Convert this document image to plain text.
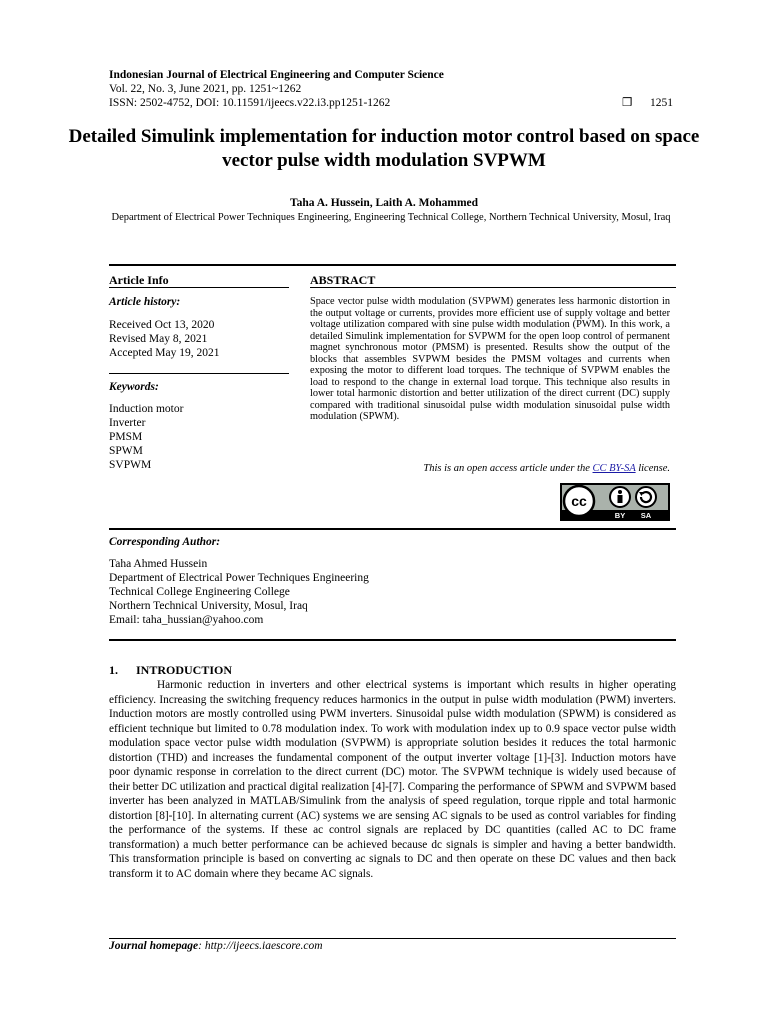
Indonesian Journal of Electrical Engineering and Computer Science
Vol. 22, No. 3, June 2021, pp. 1251~1262
ISSN: 2502-4752, DOI: 10.11591/ijeecs.v22.i3.pp1251-1262	❒ 1251
Detailed Simulink implementation for induction motor control based on space vector pulse width modulation SVPWM
Taha A. Hussein, Laith A. Mohammed
Department of Electrical Power Techniques Engineering, Engineering Technical College, Northern Technical University, Mosul, Iraq
Article Info
Article history:
Received Oct 13, 2020
Revised May 8, 2021
Accepted May 19, 2021
Keywords:
Induction motor
Inverter
PMSM
SPWM
SVPWM
ABSTRACT
Space vector pulse width modulation (SVPWM) generates less harmonic distortion in the output voltage or currents, provides more efficient use of supply voltage and better voltage utilization compared with sine pulse width modulation (PWM). In this work, a detailed Simulink implementation for SVPWM for the open loop control of permanent magnet synchronous motor (PMSM) is presented. Results show the output of the blocks that assembles SVPWM besides the PMSM voltages and currents when exposing the motor to different load torques. The technique of SVPWM enables the load to respond to the change in external load torque. This technique also results in lower total harmonic distortion and better utilization of the direct current (DC) supply compared with traditional sinusoidal pulse width modulation sinusoidal pulse width modulation (SPWM).
This is an open access article under the CC BY-SA license.
cc
BY SA
Corresponding Author:
Taha Ahmed Hussein
Department of Electrical Power Techniques Engineering
Technical College Engineering College
Northern Technical University, Mosul, Iraq
Email: taha_hussian@yahoo.com
1.      INTRODUCTION
Harmonic reduction in inverters and other electrical systems is important which results in higher operating efficiency. Increasing the switching frequency reduces harmonics in the output in pulse width modulation (PWM) inverters. Induction motors are mostly controlled using PWM inverters. Sinusoidal pulse width modulation (SPWM) is considered as efficient technique but limited to 0.78 modulation index. To work with modulation index up to 0.9 space vector pulse width modulation space vector pulse width modulation (SVPWM) is appropriate solution besides it reduces the total harmonic distortion (THD) and increases the fundamental component of the output inverter voltage [1]-[3]. Induction motors have poor dynamic response in correlation to the direct current (DC) motor. The SVPWM technique is widely used because of their better DC utilization and practical digital realization [4]-[7]. Comparing the performance of SPWM and SVPWM based inverter has been analyzed in MATLAB/Simulink from the analysis of speed regulation, torque ripple and total harmonic distortion [8]-[10]. In alternating current (AC) systems we are sensing AC signals to be used as control variables for finding the performance of the systems. If these ac control signals are replaced by DC quantities (called AC to DC frame transformation) a much better performance can be achieved because dc signals is simpler and having a better bandwidth. This transformation principle is based on converting ac signals to DC and then operate on these DC values and then back transform it to AC domain where they became AC signals.
Journal homepage: http://ijeecs.iaescore.com
